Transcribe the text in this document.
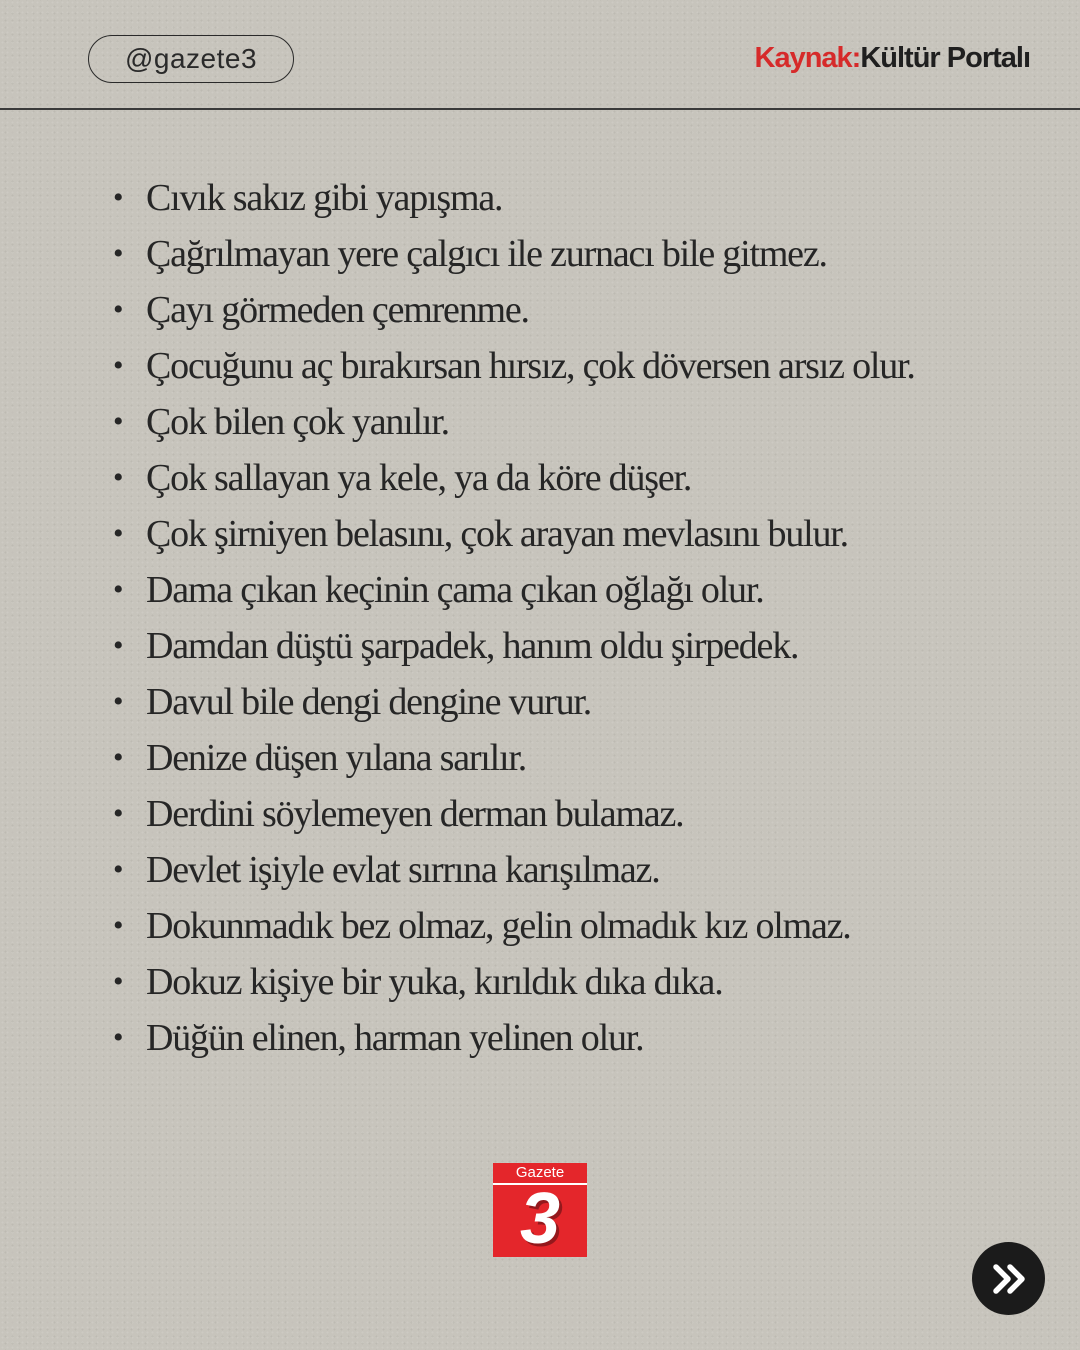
@gazete3	Kaynak:Kültür Portalı
• Cıvık sakız gibi yapışma.
• Çağrılmayan yere çalgıcı ile zurnacı bile gitmez.
• Çayı görmeden çemrenme.
• Çocuğunu aç bırakırsan hırsız, çok döversen arsız olur.
• Çok bilen çok yanılır.
• Çok sallayan ya kele, ya da köre düşer.
• Çok şirniyen belasını, çok arayan mevlasını bulur.
• Dama çıkan keçinin çama çıkan oğlağı olur.
• Damdan düştü şarpadek, hanım oldu şirpedek.
• Davul bile dengi dengine vurur.
• Denize düşen yılana sarılır.
• Derdini söylemeyen derman bulamaz.
• Devlet işiyle evlat sırrına karışılmaz.
• Dokunmadık bez olmaz, gelin olmadık kız olmaz.
• Dokuz kişiye bir yuka, kırıldık dıka dıka.
• Düğün elinen, harman yelinen olur.
Gazete
3
